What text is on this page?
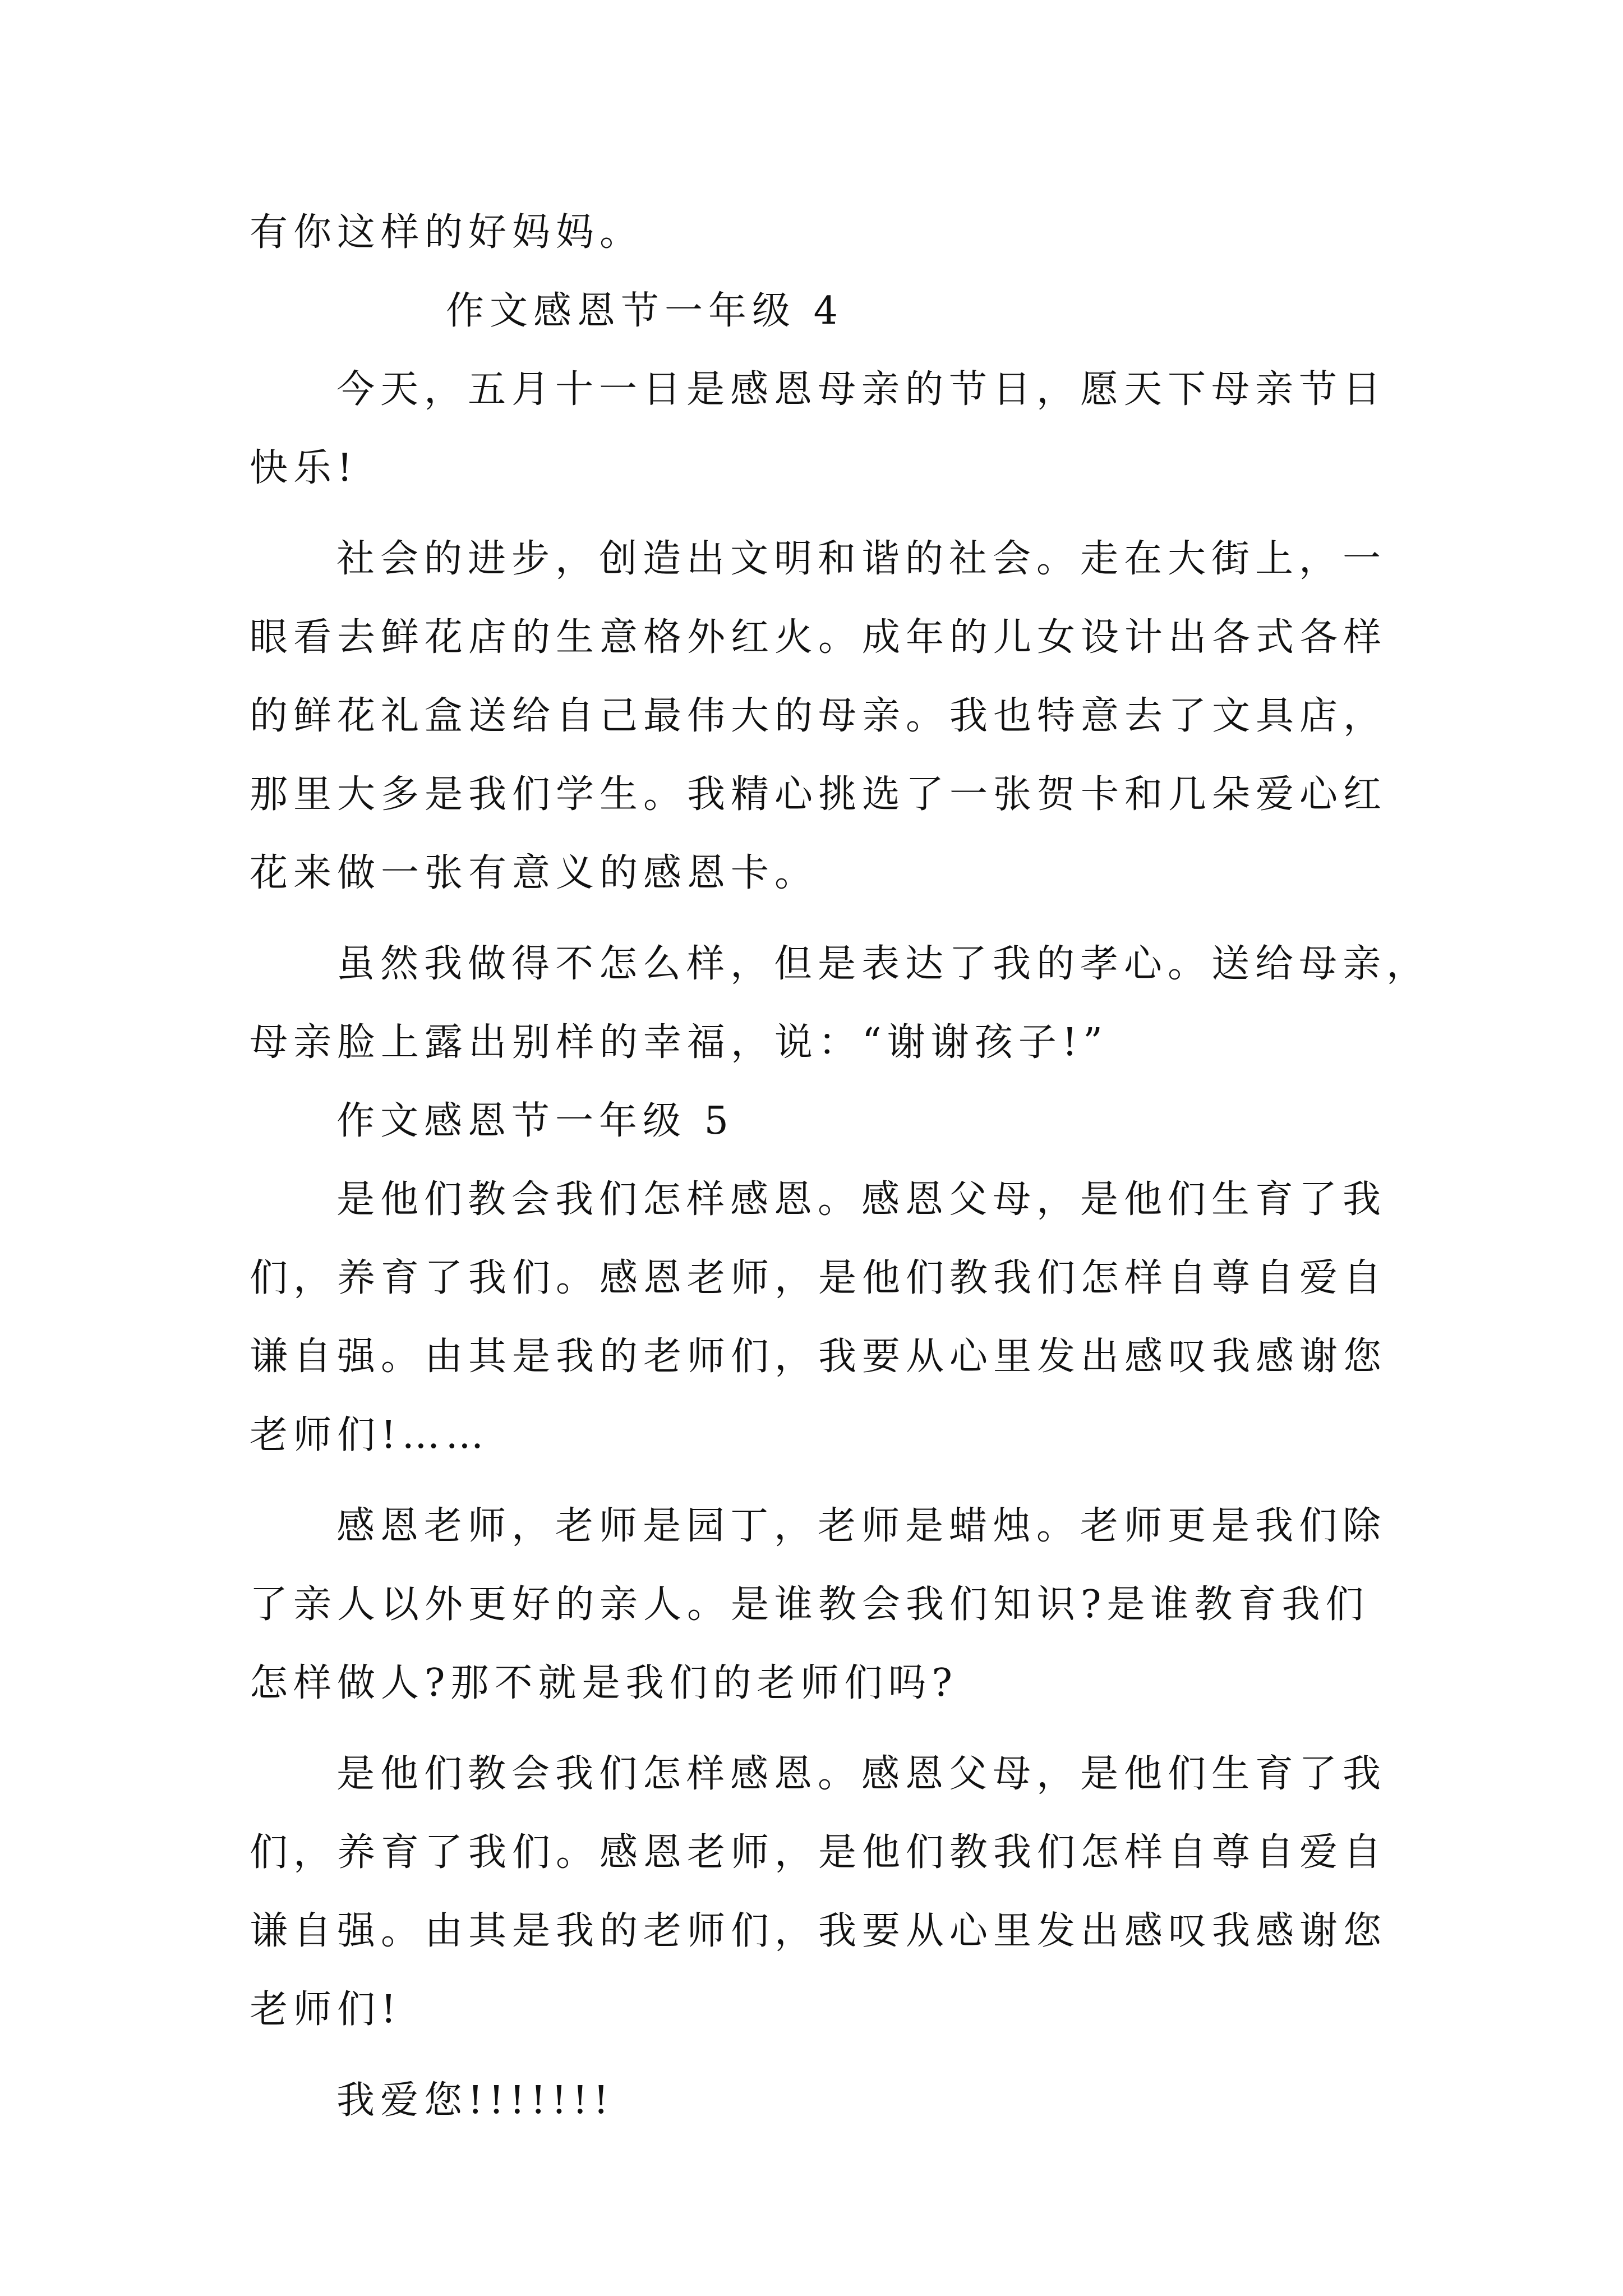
有你这样的好妈妈。
作文感恩节一年级 4
今天，五月十一日是感恩母亲的节日，愿天下母亲节日
快乐!
社会的进步，创造出文明和谐的社会。走在大街上，一
眼看去鲜花店的生意格外红火。成年的儿女设计出各式各样
的鲜花礼盒送给自己最伟大的母亲。我也特意去了文具店，
那里大多是我们学生。我精心挑选了一张贺卡和几朵爱心红
花来做一张有意义的感恩卡。
虽然我做得不怎么样，但是表达了我的孝心。送给母亲，
母亲脸上露出别样的幸福，说：“谢谢孩子!”
作文感恩节一年级 5
是他们教会我们怎样感恩。感恩父母，是他们生育了我
们，养育了我们。感恩老师，是他们教我们怎样自尊自爱自
谦自强。由其是我的老师们，我要从心里发出感叹我感谢您
老师们!……
感恩老师，老师是园丁，老师是蜡烛。老师更是我们除
了亲人以外更好的亲人。是谁教会我们知识?是谁教育我们
怎样做人?那不就是我们的老师们吗?
是他们教会我们怎样感恩。感恩父母，是他们生育了我
们，养育了我们。感恩老师，是他们教我们怎样自尊自爱自
谦自强。由其是我的老师们，我要从心里发出感叹我感谢您
老师们!
我爱您!!!!!!!
